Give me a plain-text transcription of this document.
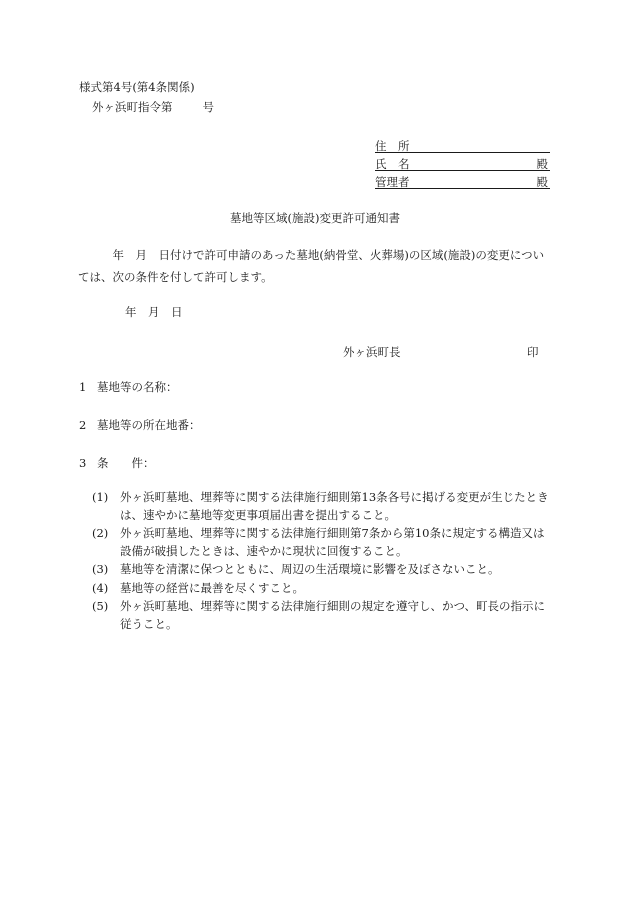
様式第4号(第4条関係)
外ヶ浜町指令第	号
住　所
氏　名	殿
管理者	殿
墓地等区域(施設)変更許可通知書
　　　年　月　日付けで許可申請のあった墓地(納骨堂、火葬場)の区域(施設)の変更については、次の条件を付して許可します。
年　月　日
外ヶ浜町長	印
1 墓地等の名称：
2 墓地等の所在地番：
3 条　　件：
(1)	外ヶ浜町墓地、埋葬等に関する法律施行細則第13条各号に掲げる変更が生じたときは、速やかに墓地等変更事項届出書を提出すること。
(2)	外ヶ浜町墓地、埋葬等に関する法律施行細則第7条から第10条に規定する構造又は設備が破損したときは、速やかに現状に回復すること。
(3)	墓地等を清潔に保つとともに、周辺の生活環境に影響を及ぼさないこと。
(4)	墓地等の経営に最善を尽くすこと。
(5)	外ヶ浜町墓地、埋葬等に関する法律施行細則の規定を遵守し、かつ、町長の指示に従うこと。
